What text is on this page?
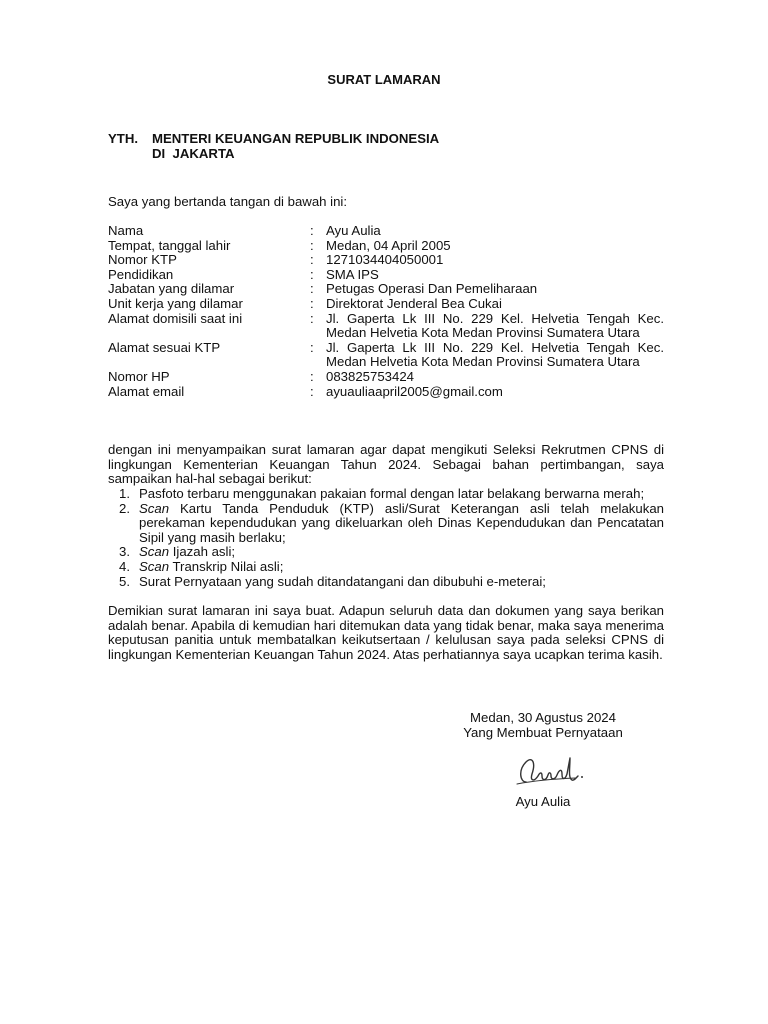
SURAT LAMARAN
YTH.	MENTERI KEUANGAN REPUBLIK INDONESIA
DI  JAKARTA
Saya yang bertanda tangan di bawah ini:
Nama	: Ayu Aulia
Tempat, tanggal lahir	: Medan, 04 April 2005
Nomor KTP	: 1271034404050001
Pendidikan	: SMA IPS
Jabatan yang dilamar	: Petugas Operasi Dan Pemeliharaan
Unit kerja yang dilamar	: Direktorat Jenderal Bea Cukai
Alamat domisili saat ini	: Jl. Gaperta Lk III No. 229 Kel. Helvetia Tengah Kec. Medan Helvetia Kota Medan Provinsi Sumatera Utara
Alamat sesuai KTP	: Jl. Gaperta Lk III No. 229 Kel. Helvetia Tengah Kec. Medan Helvetia Kota Medan Provinsi Sumatera Utara
Nomor HP	: 083825753424
Alamat email	: ayuauliaapril2005@gmail.com
dengan ini menyampaikan surat lamaran agar dapat mengikuti Seleksi Rekrutmen CPNS di lingkungan Kementerian Keuangan Tahun 2024. Sebagai bahan pertimbangan, saya sampaikan hal-hal sebagai berikut:
1. Pasfoto terbaru menggunakan pakaian formal dengan latar belakang berwarna merah;
2. Scan Kartu Tanda Penduduk (KTP) asli/Surat Keterangan asli telah melakukan perekaman kependudukan yang dikeluarkan oleh Dinas Kependudukan dan Pencatatan Sipil yang masih berlaku;
3. Scan Ijazah asli;
4. Scan Transkrip Nilai asli;
5. Surat Pernyataan yang sudah ditandatangani dan dibubuhi e-meterai;
Demikian surat lamaran ini saya buat. Adapun seluruh data dan dokumen yang saya berikan adalah benar. Apabila di kemudian hari ditemukan data yang tidak benar, maka saya menerima keputusan panitia untuk membatalkan keikutsertaan / kelulusan saya pada seleksi CPNS di lingkungan Kementerian Keuangan Tahun 2024. Atas perhatiannya saya ucapkan terima kasih.
Medan, 30 Agustus 2024
Yang Membuat Pernyataan
Ayu Aulia
